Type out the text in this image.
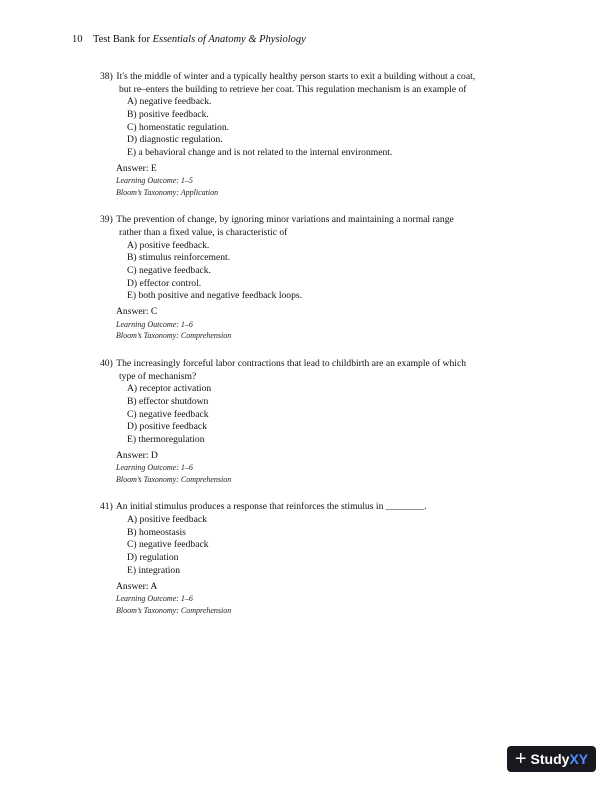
10 Test Bank for Essentials of Anatomy & Physiology
38) It's the middle of winter and a typically healthy person starts to exit a building without a coat,
but re–enters the building to retrieve her coat. This regulation mechanism is an example of
A) negative feedback.
B) positive feedback.
C) homeostatic regulation.
D) diagnostic regulation.
E) a behavioral change and is not related to the internal environment.
Answer: E
Learning Outcome: 1–5
Bloom’s Taxonomy: Application
39) The prevention of change, by ignoring minor variations and maintaining a normal range
rather than a fixed value, is characteristic of
A) positive feedback.
B) stimulus reinforcement.
C) negative feedback.
D) effector control.
E) both positive and negative feedback loops.
Answer: C
Learning Outcome: 1–6
Bloom’s Taxonomy: Comprehension
40) The increasingly forceful labor contractions that lead to childbirth are an example of which
type of mechanism?
A) receptor activation
B) effector shutdown
C) negative feedback
D) positive feedback
E) thermoregulation
Answer: D
Learning Outcome: 1–6
Bloom’s Taxonomy: Comprehension
41) An initial stimulus produces a response that reinforces the stimulus in ________.
A) positive feedback
B) homeostasis
C) negative feedback
D) regulation
E) integration
Answer: A
Learning Outcome: 1–6
Bloom’s Taxonomy: Comprehension
+ Study XY
